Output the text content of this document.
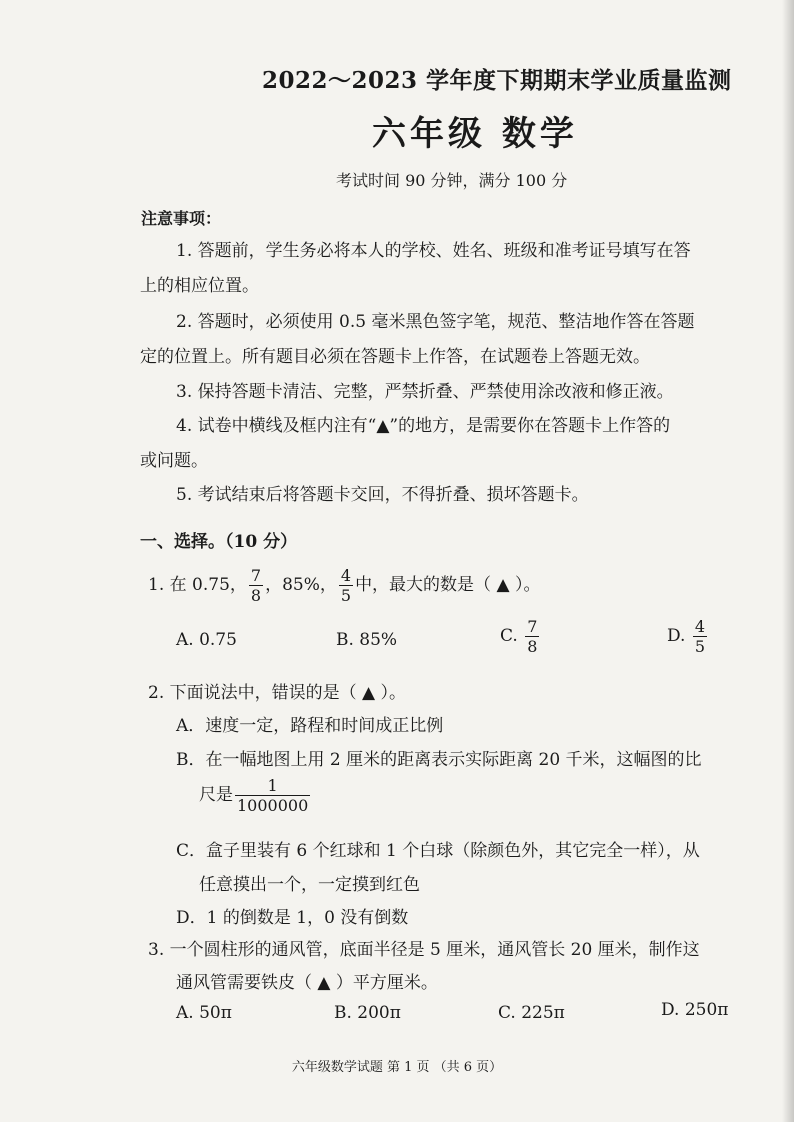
2022～2023 学年度下期期末学业质量监测
六年级 数学
考试时间 90 分钟，满分 100 分
注意事项：
1. 答题前，学生务必将本人的学校、姓名、班级和准考证号填写在答
上的相应位置。
2. 答题时，必须使用 0.5 毫米黑色签字笔，规范、整洁地作答在答题
定的位置上。所有题目必须在答题卡上作答，在试题卷上答题无效。
3. 保持答题卡清洁、完整，严禁折叠、严禁使用涂改液和修正液。
4. 试卷中横线及框内注有“▲”的地方，是需要你在答题卡上作答的
或问题。
5. 考试结束后将答题卡交回，不得折叠、损坏答题卡。
一、选择。（10 分）
1. 在 0.75， $\frac{7}{8}$ ，85%， $\frac{4}{5}$ 中，最大的数是（ ▲ ）。
A. 0.75	B. 85%	C. $\frac{7}{8}$	D. $\frac{4}{5}$
2. 下面说法中，错误的是（ ▲ ）。
A．速度一定，路程和时间成正比例
B．在一幅地图上用 2 厘米的距离表示实际距离 20 千米，这幅图的比
尺是 $\frac{1}{1000000}$
C．盒子里装有 6 个红球和 1 个白球（除颜色外，其它完全一样），从
任意摸出一个，一定摸到红色
D．1 的倒数是 1，0 没有倒数
3. 一个圆柱形的通风管，底面半径是 5 厘米，通风管长 20 厘米，制作这
通风管需要铁皮（ ▲ ）平方厘米。
A. 50π	B. 200π	C. 225π	D. 250π
六年级数学试题 第 1 页 （共 6 页）
